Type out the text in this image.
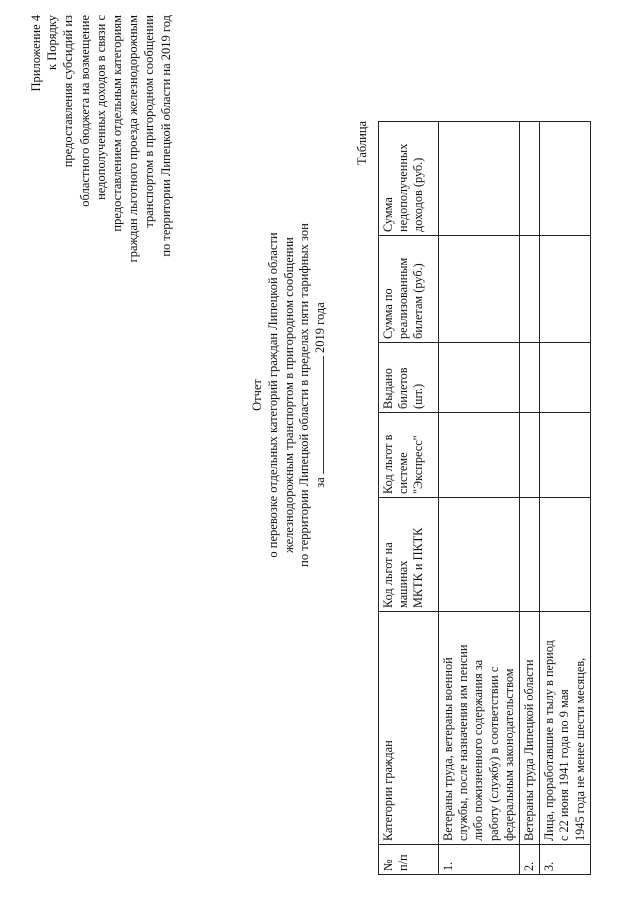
Приложение 4 к Порядку предоставления субсидий из областного бюджета на возмещение недополученных доходов в связи с предоставлением отдельным категориям граждан льготного проезда железнодорожным транспортом в пригородном сообщении по территории Липецкой области на 2019 год
Отчет о перевозке отдельных категорий граждан Липецкой области железнодорожным транспортом в пригородном сообщении по территории Липецкой области в пределах пяти тарифных зон за  2019 года
Таблица
№ п/п	Категории граждан	Код льгот на машинах МКТК и ПКТК	Код льгот в системе "Экспресс"	Выдано билетов (шт.)	Сумма по реализованным билетам (руб.)	Сумма недополученных доходов (руб.)

1.	Ветераны труда, ветераны военной службы, после назначения им пенсии либо пожизненного содержания за работу (службу) в соответствии с федеральным законодательством					

2.	Ветераны труда Липецкой области					

3.	Лица, проработавшие в тылу в период с 22 июня 1941 года по 9 мая 1945 года не менее шести месяцев,					
